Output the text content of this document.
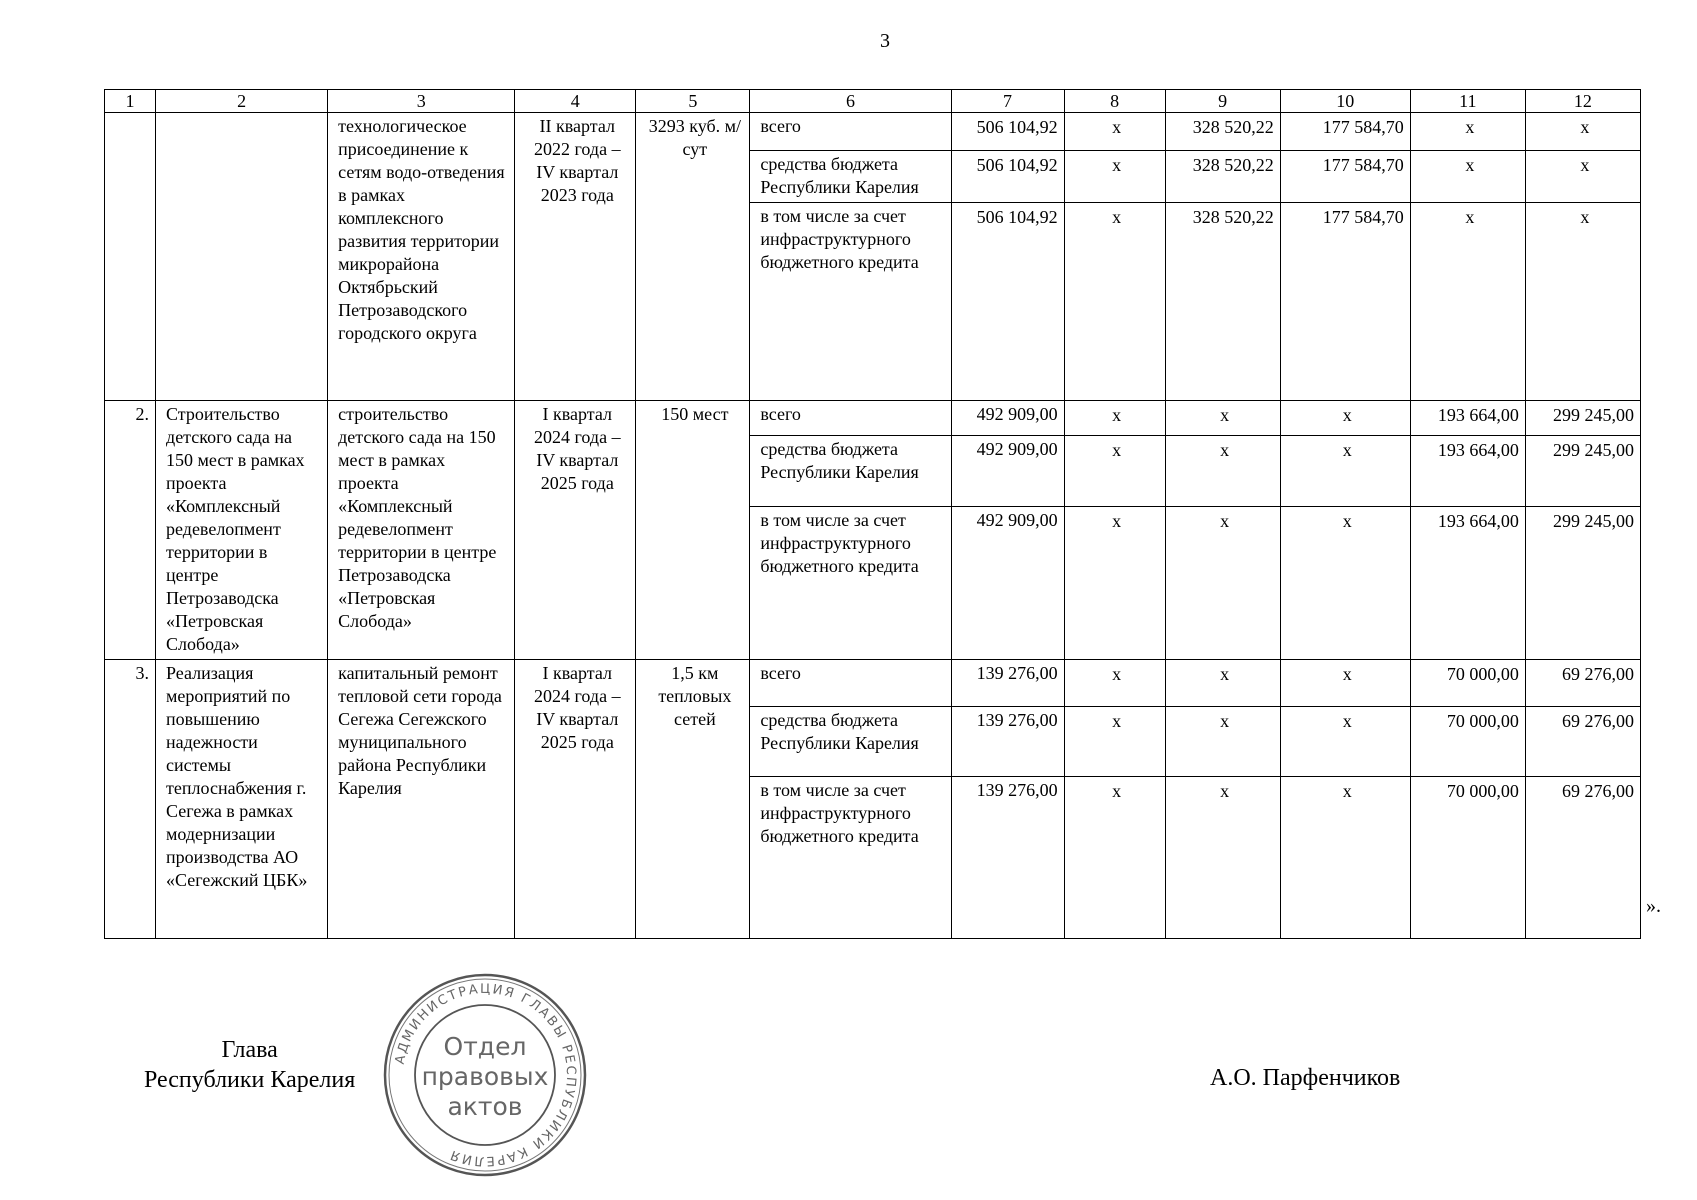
3
1	2	3	4	5	6	7	8	9	10	11	12
		технологическое присоединение к сетям водо-отведения в рамках комплексного развития территории микрорайона Октябрьский Петрозаводского городского округа	II квартал 2022 года – IV квартал 2023 года	3293 куб. м/сут	всего	506 104,92	x	328 520,22	177 584,70	x	x
					средства бюджета Республики Карелия	506 104,92	x	328 520,22	177 584,70	x	x
					в том числе за счет инфраструктурного бюджетного кредита	506 104,92	x	328 520,22	177 584,70	x	x
2.	Строительство детского сада на 150 мест в рамках проекта «Комплексный редевелопмент территории в центре Петрозаводска «Петровская Слобода»	строительство детского сада на 150 мест в рамках проекта «Комплексный редевелопмент территории в центре Петрозаводска «Петровская Слобода»	I квартал 2024 года – IV квартал 2025 года	150 мест	всего	492 909,00	x	x	x	193 664,00	299 245,00
					средства бюджета Республики Карелия	492 909,00	x	x	x	193 664,00	299 245,00
					в том числе за счет инфраструктурного бюджетного кредита	492 909,00	x	x	x	193 664,00	299 245,00
3.	Реализация мероприятий по повышению надежности системы теплоснабжения г. Сегежа в рамках модернизации производства АО «Сегежский ЦБК»	капитальный ремонт тепловой сети города Сегежа Сегежского муниципального района Республики Карелия	I квартал 2024 года – IV квартал 2025 года	1,5 км тепловых сетей	всего	139 276,00	x	x	x	70 000,00	69 276,00
					средства бюджета Республики Карелия	139 276,00	x	x	x	70 000,00	69 276,00
					в том числе за счет инфраструктурного бюджетного кредита	139 276,00	x	x	x	70 000,00	69 276,00
».
Глава
Республики Карелия
АДМИНИСТРАЦИЯ ГЛАВЫ РЕСПУБЛИКИ КАРЕЛИЯ
Отдел
правовых
актов
А.О. Парфенчиков
